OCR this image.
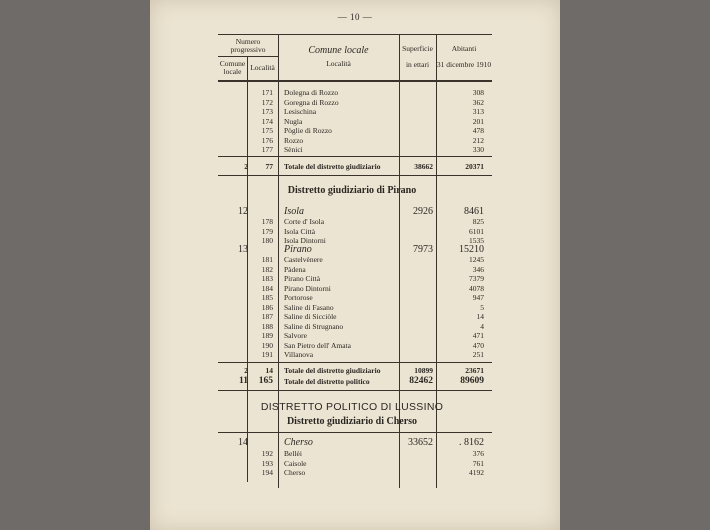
— 10 —
Numero progressivo
Comune locale	Località
Comune locale
Località
Superficie
in ettari
Abitanti
31 dicembre 1910
171 Dolegna di Rozzo	308
172 Goregna di Rozzo	362
173 Lesischina	313
174 Nugla	201
175 Pòglie di Rozzo	478
176 Rozzo	212
177 Sènici	330
2	77 Totale del distretto giudiziario	38662	20371
Distretto giudiziario di Pirano
12	Isola	2926	8461
178 Corte d' Isola	825
179 Isola Città	6101
180 Isola Dintorni	1535
13	Pirano	7973	15210
181 Castelvènere	1245
182 Pàdena	346
183 Pirano Città	7379
184 Pirano Dintorni	4078
185 Portorose	947
186 Saline di Fasano	5
187 Saline di Sicciòle	14
188 Saline di Strugnano	4
189 Salvore	471
190 San Pietro dell' Amata	470
191 Villanova	251
2	14 Totale del distretto giudiziario	10899	23671
11	165 Totale del distretto politico	82462	89609
DISTRETTO POLITICO DI LUSSINO
Distretto giudiziario di Cherso
14	Cherso	33652	. 8162
192 Bellèi	376
193 Caisole	761
194 Cherso	4192
